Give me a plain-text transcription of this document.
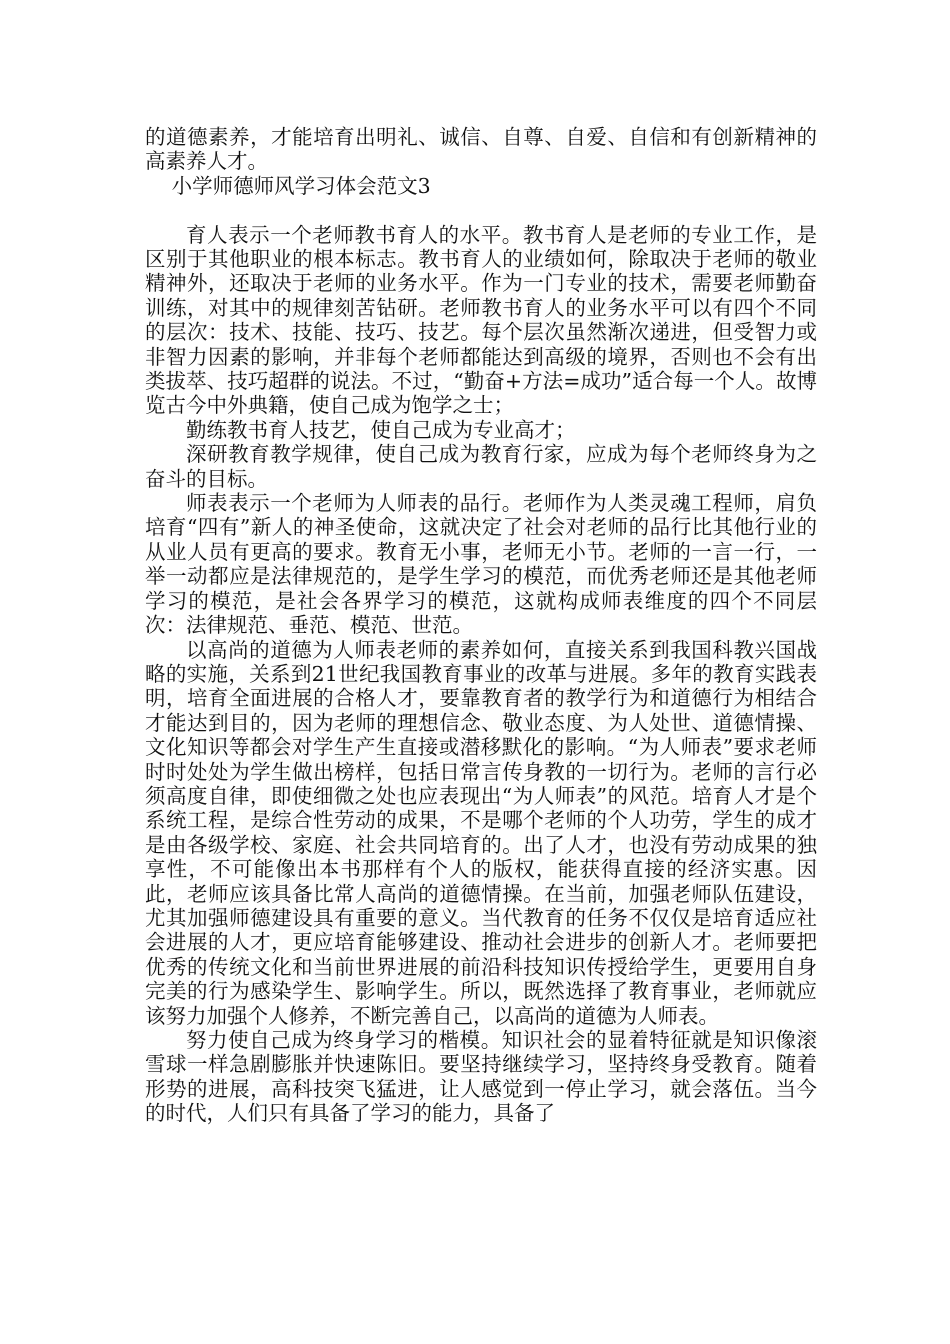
的道德素养，才能培育出明礼、诚信、自尊、自爱、自信和有创新精神的高素养人才。

小学师德师风学习体会范文3

育人表示一个老师教书育人的水平。教书育人是老师的专业工作，是区别于其他职业的根本标志。教书育人的业绩如何，除取决于老师的敬业精神外，还取决于老师的业务水平。作为一门专业的技术，需要老师勤奋训练，对其中的规律刻苦钻研。老师教书育人的业务水平可以有四个不同的层次：技术、技能、技巧、技艺。每个层次虽然渐次递进，但受智力或非智力因素的影响，并非每个老师都能达到高级的境界，否则也不会有出类拔萃、技巧超群的说法。不过，“勤奋+方法=成功”适合每一个人。故博览古今中外典籍，使自己成为饱学之士；

勤练教书育人技艺，使自己成为专业高才；

深研教育教学规律，使自己成为教育行家，应成为每个老师终身为之奋斗的目标。

师表表示一个老师为人师表的品行。老师作为人类灵魂工程师，肩负培育“四有”新人的神圣使命，这就决定了社会对老师的品行比其他行业的从业人员有更高的要求。教育无小事，老师无小节。老师的一言一行，一举一动都应是法律规范的，是学生学习的模范，而优秀老师还是其他老师学习的模范，是社会各界学习的模范，这就构成师表维度的四个不同层次：法律规范、垂范、模范、世范。

以高尚的道德为人师表老师的素养如何，直接关系到我国科教兴国战略的实施，关系到21世纪我国教育事业的改革与进展。多年的教育实践表明，培育全面进展的合格人才，要靠教育者的教学行为和道德行为相结合才能达到目的，因为老师的理想信念、敬业态度、为人处世、道德情操、文化知识等都会对学生产生直接或潜移默化的影响。“为人师表”要求老师时时处处为学生做出榜样，包括日常言传身教的一切行为。老师的言行必须高度自律，即使细微之处也应表现出“为人师表”的风范。培育人才是个系统工程，是综合性劳动的成果，不是哪个老师的个人功劳，学生的成才是由各级学校、家庭、社会共同培育的。出了人才，也没有劳动成果的独享性，不可能像出本书那样有个人的版权，能获得直接的经济实惠。因此，老师应该具备比常人高尚的道德情操。在当前，加强老师队伍建设，尤其加强师德建设具有重要的意义。当代教育的任务不仅仅是培育适应社会进展的人才，更应培育能够建设、推动社会进步的创新人才。老师要把优秀的传统文化和当前世界进展的前沿科技知识传授给学生，更要用自身完美的行为感染学生、影响学生。所以，既然选择了教育事业，老师就应该努力加强个人修养，不断完善自己，以高尚的道德为人师表。

努力使自己成为终身学习的楷模。知识社会的显着特征就是知识像滚雪球一样急剧膨胀并快速陈旧。要坚持继续学习，坚持终身受教育。随着形势的进展，高科技突飞猛进，让人感觉到一停止学习，就会落伍。当今的时代，人们只有具备了学习的能力，具备了
